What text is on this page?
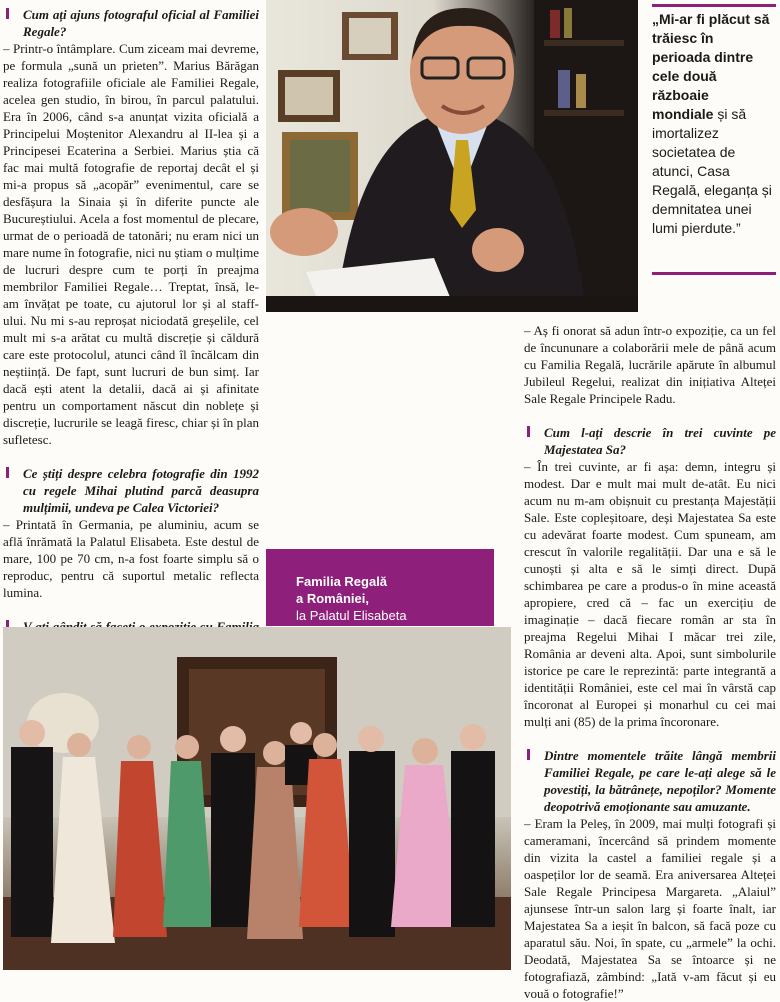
Cum ați ajuns fotograful oficial al Familiei Regale?

– Printr-o întâmplare. Cum ziceam mai devreme, pe formula „sună un prieten”. Marius Bărăgan realiza fotografiile oficiale ale Familiei Regale, acelea gen studio, în birou, în parcul palatului. Era în 2006, când s-a anunțat vizita oficială a Principelui Moștenitor Alexandru al II-lea și a Principesei Ecaterina a Serbiei. Marius știa că fac mai multă fotografie de reportaj decât el și mi-a propus să „acopăr” evenimentul, care se desfășura la Sinaia și în diferite puncte ale Bucureștiului. Acela a fost momentul de plecare, urmat de o perioadă de tatonări; nu eram nici un mare nume în fotografie, nici nu știam o mulțime de lucruri despre cum te porți în preajma membrilor Familiei Regale… Treptat, însă, le-am învățat pe toate, cu ajutorul lor și al staff-ului. Nu mi s-au reproșat niciodată greșelile, cel mult mi s-a arătat cu multă discreție și căldură care este protocolul, atunci când îl încălcam din neștiință. De fapt, sunt lucruri de bun simț. Iar dacă ești atent la detalii, dacă ai și afinitate pentru un comportament născut din noblețe și discreție, lucrurile se leagă firesc, chiar și în plan sufletesc.

Ce știți despre celebra fotografie din 1992 cu regele Mihai plutind parcă deasupra mulțimii, undeva pe Calea Victoriei?

– Printată în Germania, pe aluminiu, acum se află înrămată la Palatul Elisabeta. Este destul de mare, 100 pe 70 cm, n-a fost foarte simplu să o reproduc, pentru că suportul metalic reflecta lumina.

„Mi-ar fi plăcut să trăiesc în perioada dintre cele două războaie mondiale și să imortalizez societatea de atunci, Casa Regală, eleganța și demnitatea unei lumi pierdute.”

– Aș fi onorat să adun într-o expoziție, ca un fel de încununare a colaborării mele de până acum cu Familia Regală, lucrările apărute în albumul Jubileul Regelui, realizat din inițiativa Alteței Sale Regale Principele Radu.

Cum l-ați descrie în trei cuvinte pe Majestatea Sa?

– În trei cuvinte, ar fi așa: demn, integru și modest. Dar e mult mai mult de-atât. Eu nici acum nu m-am obișnuit cu prestanța Majestății Sale. Este copleșitoare, deși Majestatea Sa este cu adevărat foarte modest. Cum spuneam, am crescut în valorile regalității. Dar una e să le cunoști și alta e să le simți direct. După schimbarea pe care a produs-o în mine această apropiere, cred că – fac un exercițiu de imaginație – dacă fiecare român ar sta în preajma Regelui Mihai I măcar trei zile, România ar deveni alta. Apoi, sunt simbolurile istorice pe care le reprezintă: parte integrantă a identității României, este cel mai în vârstă cap încoronat al Europei și monarhul cu cei mai mulți ani (85) de la prima încoronare.

Dintre momentele trăite lângă membrii Familiei Regale, pe care le-ați alege să le povestiți, la bătrânețe, nepoților? Momente deopotrivă emoționante sau amuzante.

– Eram la Peleș, în 2009, mai mulți fotografi și cameramani, încercând să prindem momente din vizita la castel a familiei regale și a oaspeților lor de seamă. Era aniversarea Alteței Sale Regale Principesa Margareta. „Alaiul” ajunsese într-un salon larg și foarte înalt, iar Majestatea Sa a ieșit în balcon, să facă poze cu aparatul său. Noi, în spate, cu „armele” la ochi. Deodată, Majestatea Sa se întoarce și ne fotografiază, zâmbind: „Iată v-am făcut și eu vouă o fotografie!”

Familia Regală
a României,
la Palatul Elisabeta
